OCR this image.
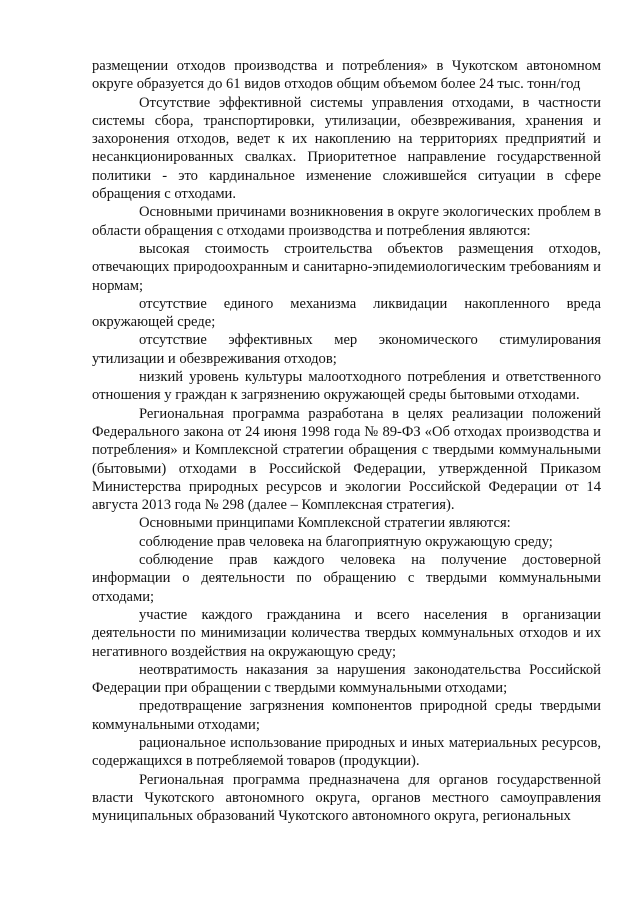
размещении отходов производства и потребления» в Чукотском автономном округе образуется до 61 видов отходов общим объемом более 24 тыс. тонн/год

Отсутствие эффективной системы управления отходами, в частности системы сбора, транспортировки, утилизации, обезвреживания, хранения и захоронения отходов, ведет к их накоплению на территориях предприятий и несанкционированных свалках. Приоритетное направление государственной политики - это кардинальное изменение сложившейся ситуации в сфере обращения с отходами.

Основными причинами возникновения в округе экологических проблем в области обращения с отходами производства и потребления являются:

высокая стоимость строительства объектов размещения отходов, отвечающих природоохранным и санитарно-эпидемиологическим требованиям и нормам;

отсутствие единого механизма ликвидации накопленного вреда окружающей среде;

отсутствие эффективных мер экономического стимулирования утилизации и обезвреживания отходов;

низкий уровень культуры малоотходного потребления и ответственного отношения у граждан к загрязнению окружающей среды бытовыми отходами.

Региональная программа разработана в целях реализации положений Федерального закона от 24 июня 1998 года № 89-ФЗ «Об отходах производства и потребления» и Комплексной стратегии обращения с твердыми коммунальными (бытовыми) отходами в Российской Федерации, утвержденной Приказом Министерства природных ресурсов и экологии Российской Федерации от 14 августа 2013 года № 298 (далее – Комплексная стратегия).

Основными принципами Комплексной стратегии являются:

соблюдение прав человека на благоприятную окружающую среду;

соблюдение прав каждого человека на получение достоверной информации о деятельности по обращению с твердыми коммунальными отходами;

участие каждого гражданина и всего населения в организации деятельности по минимизации количества твердых коммунальных отходов и их негативного воздействия на окружающую среду;

неотвратимость наказания за нарушения законодательства Российской Федерации при обращении с твердыми коммунальными отходами;

предотвращение загрязнения компонентов природной среды твердыми коммунальными отходами;

рациональное использование природных и иных материальных ресурсов, содержащихся в потребляемой товаров (продукции).

Региональная программа предназначена для органов государственной власти Чукотского автономного округа, органов местного самоуправления муниципальных образований Чукотского автономного округа, региональных
